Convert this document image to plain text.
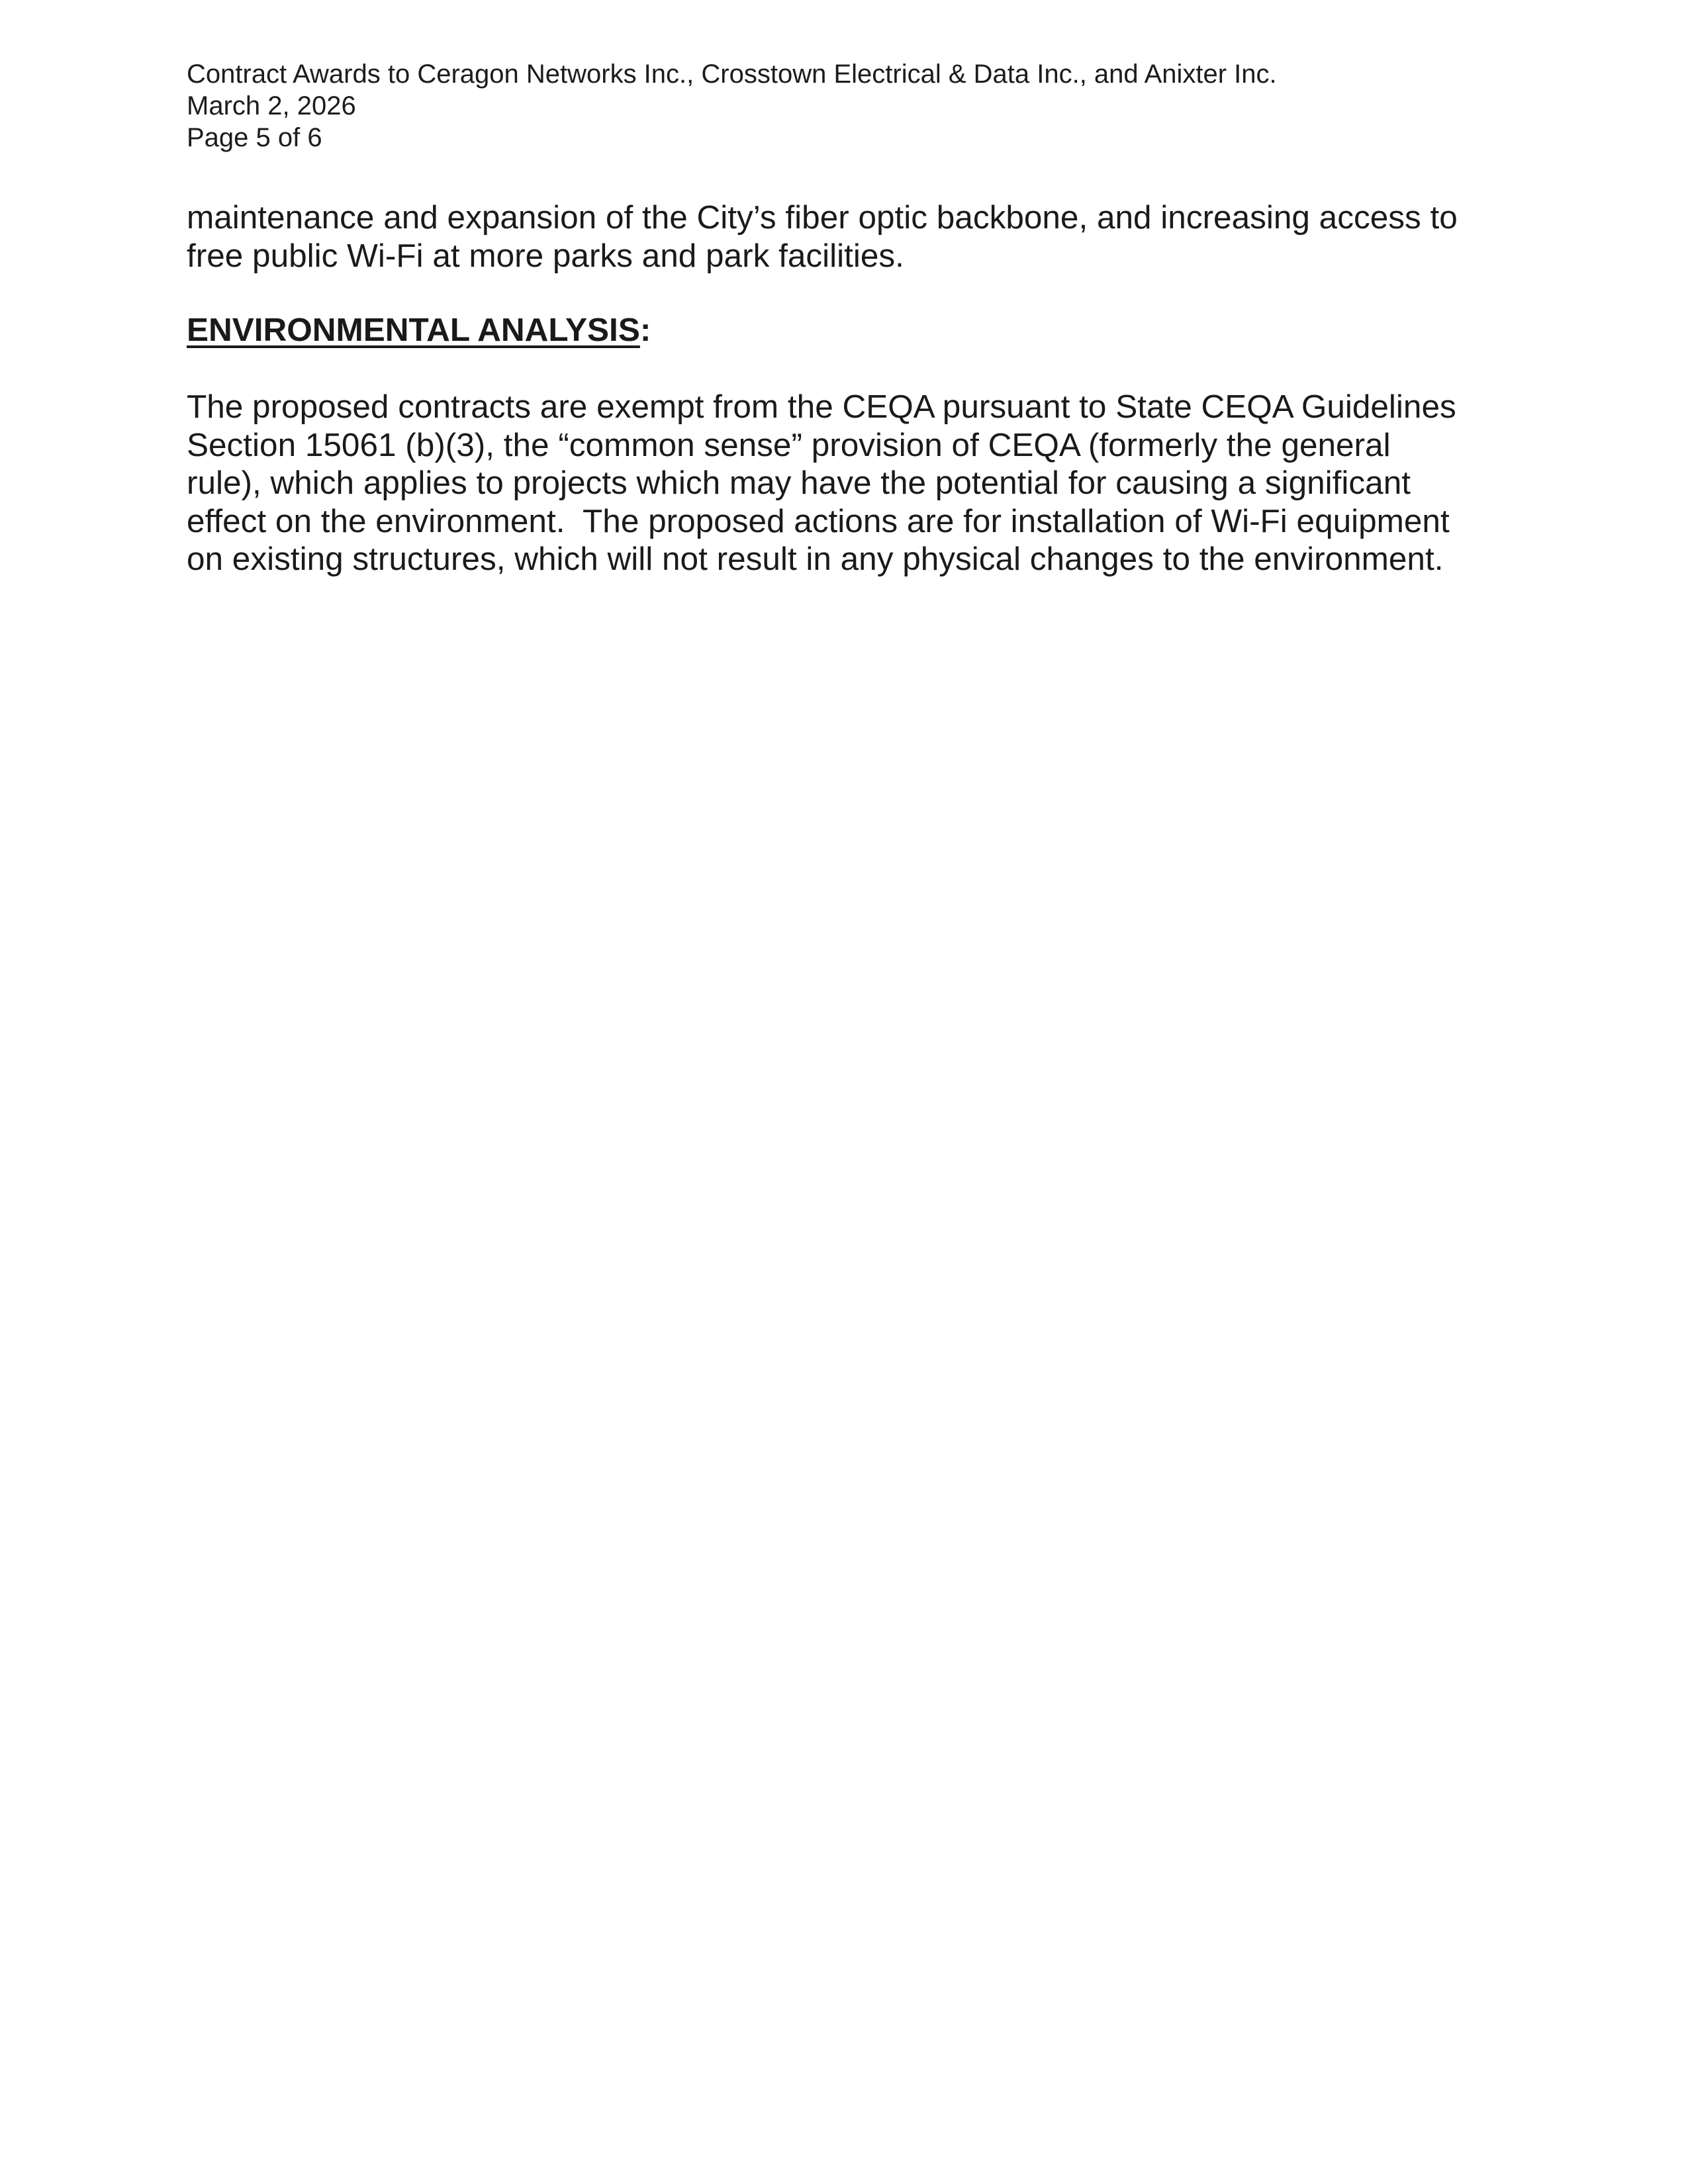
Contract Awards to Ceragon Networks Inc., Crosstown Electrical & Data Inc., and Anixter Inc.
March 2, 2026
Page 5 of 6
maintenance and expansion of the City’s fiber optic backbone, and increasing access to
free public Wi-Fi at more parks and park facilities.
ENVIRONMENTAL ANALYSIS:
The proposed contracts are exempt from the CEQA pursuant to State CEQA Guidelines
Section 15061 (b)(3), the “common sense” provision of CEQA (formerly the general
rule), which applies to projects which may have the potential for causing a significant
effect on the environment.  The proposed actions are for installation of Wi-Fi equipment
on existing structures, which will not result in any physical changes to the environment.
